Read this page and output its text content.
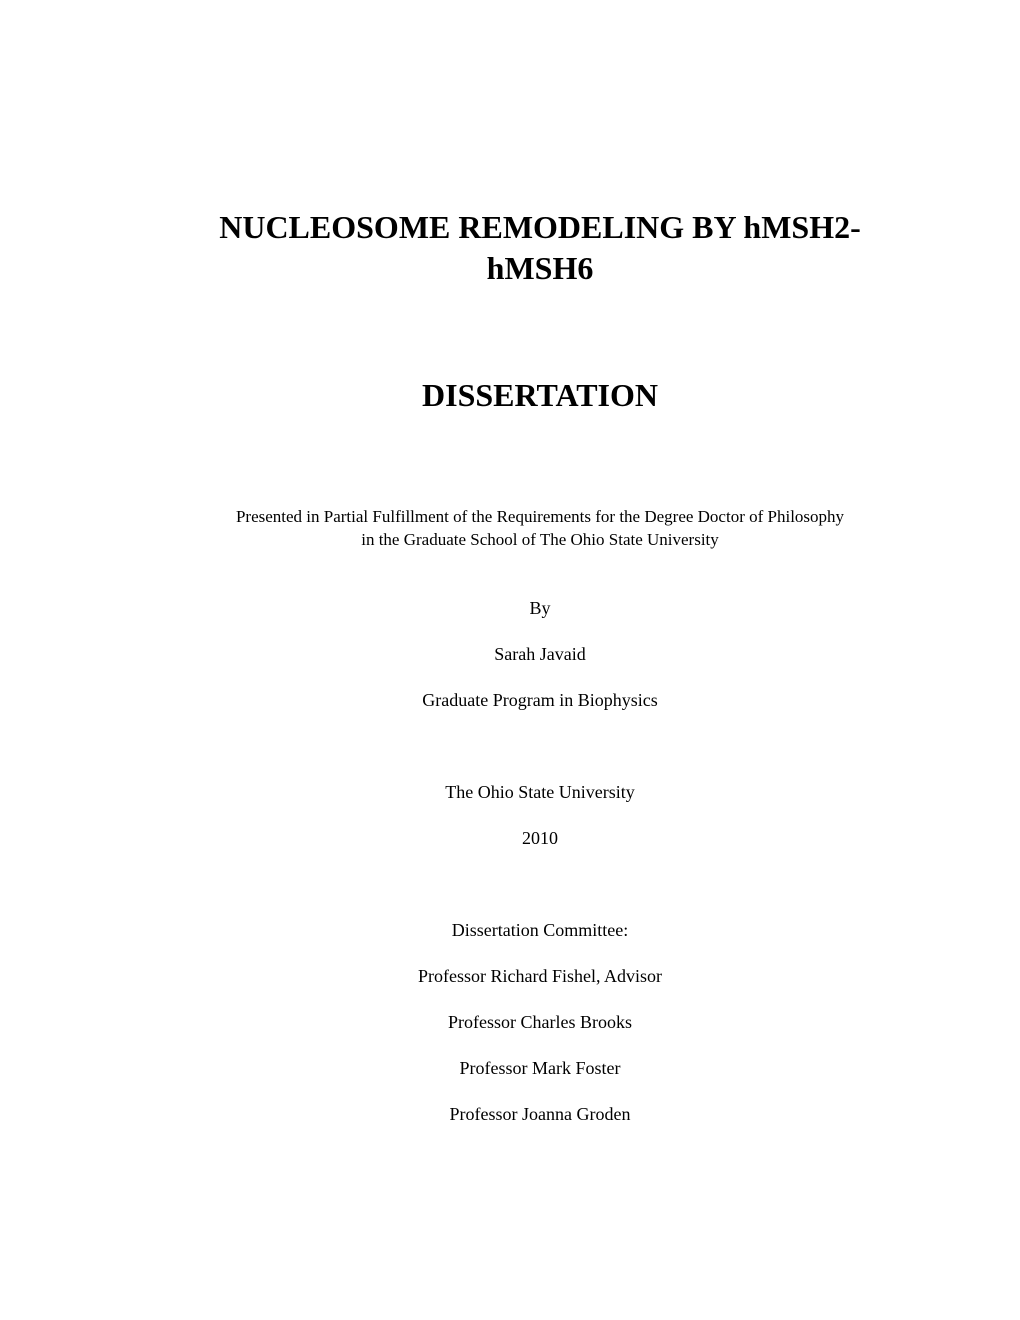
NUCLEOSOME REMODELING BY hMSH2-
hMSH6
DISSERTATION
Presented in Partial Fulfillment of the Requirements for the Degree Doctor of Philosophy
in the Graduate School of The Ohio State University
By
Sarah Javaid
Graduate Program in Biophysics
The Ohio State University
2010
Dissertation Committee:
Professor Richard Fishel, Advisor
Professor Charles Brooks
Professor Mark Foster
Professor Joanna Groden
